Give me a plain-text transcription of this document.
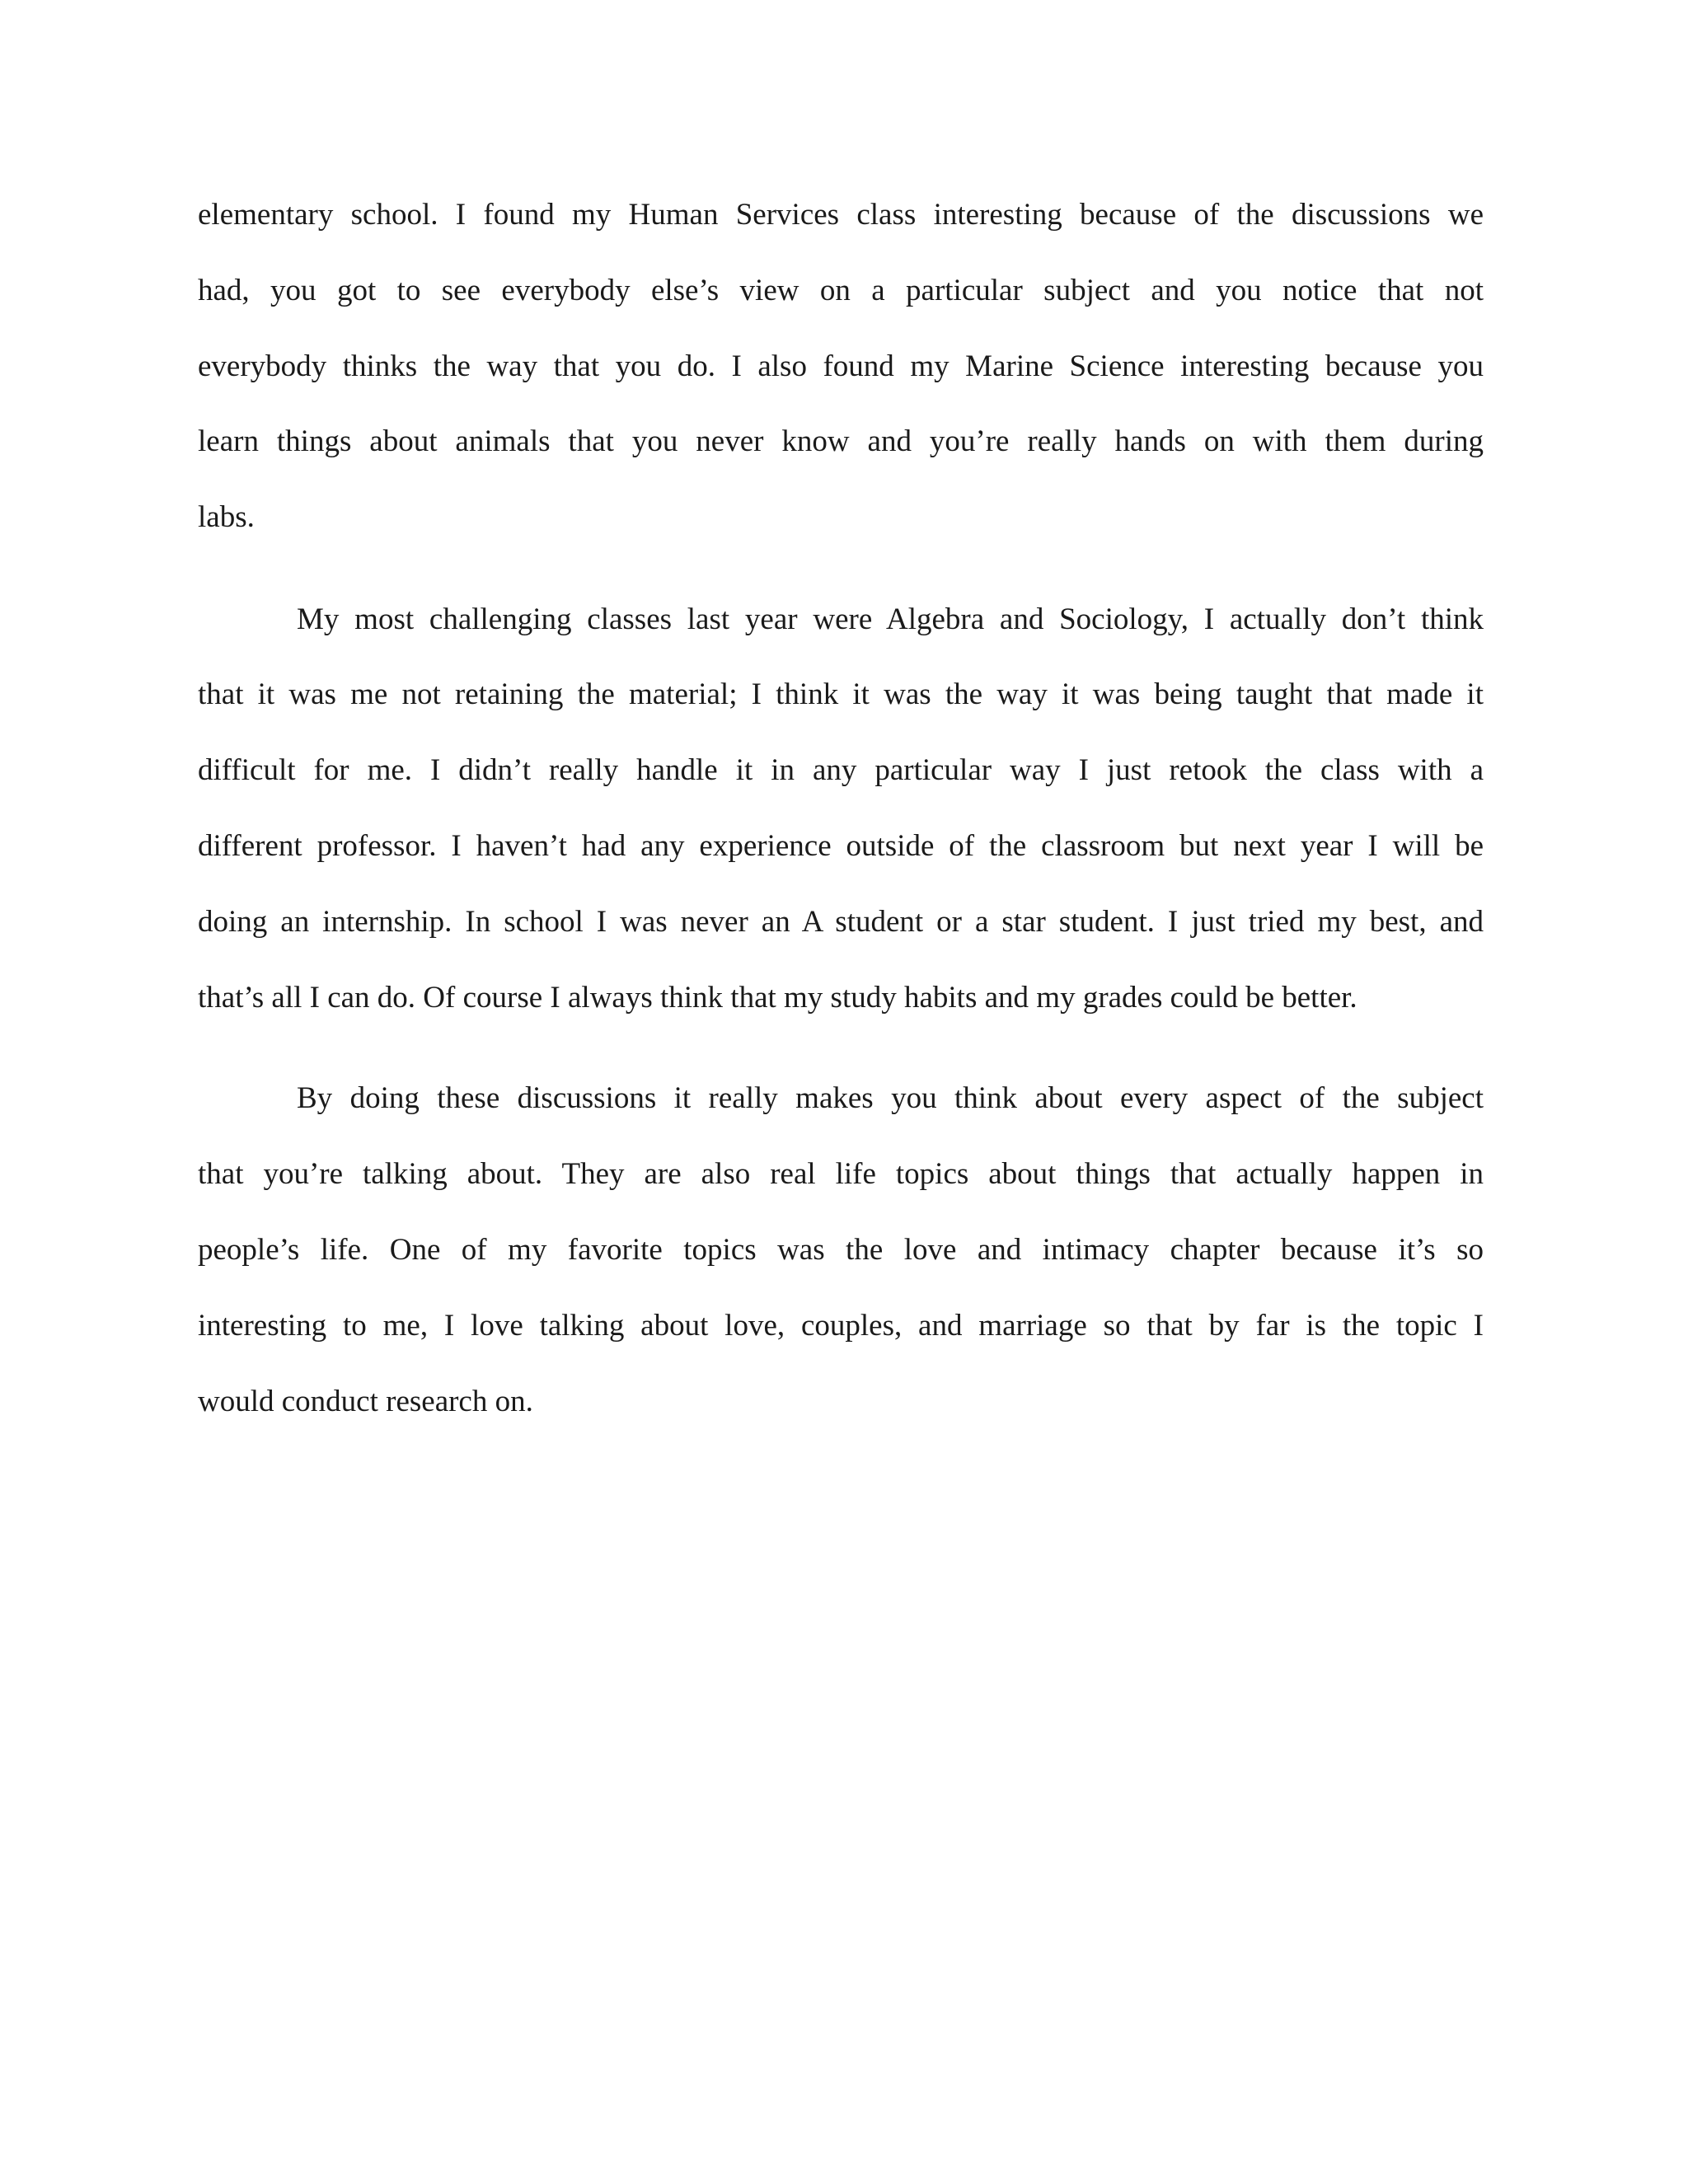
elementary school. I found my Human Services class interesting because of the discussions we
had, you got to see everybody else’s view on a particular subject and you notice that not
everybody thinks the way that you do. I also found my Marine Science interesting because you
learn things about animals that you never know and you’re really hands on with them during
labs.
My most challenging classes last year were Algebra and Sociology, I actually don’t think
that it was me not retaining the material; I think it was the way it was being taught that made it
difficult for me. I didn’t really handle it in any particular way I just retook the class with a
different professor. I haven’t had any experience outside of the classroom but next year I will be
doing an internship. In school I was never an A student or a star student. I just tried my best, and
that’s all I can do. Of course I always think that my study habits and my grades could be better.
By doing these discussions it really makes you think about every aspect of the subject
that you’re talking about. They are also real life topics about things that actually happen in
people’s life. One of my favorite topics was the love and intimacy chapter because it’s so
interesting to me, I love talking about love, couples, and marriage so that by far is the topic I
would conduct research on.
